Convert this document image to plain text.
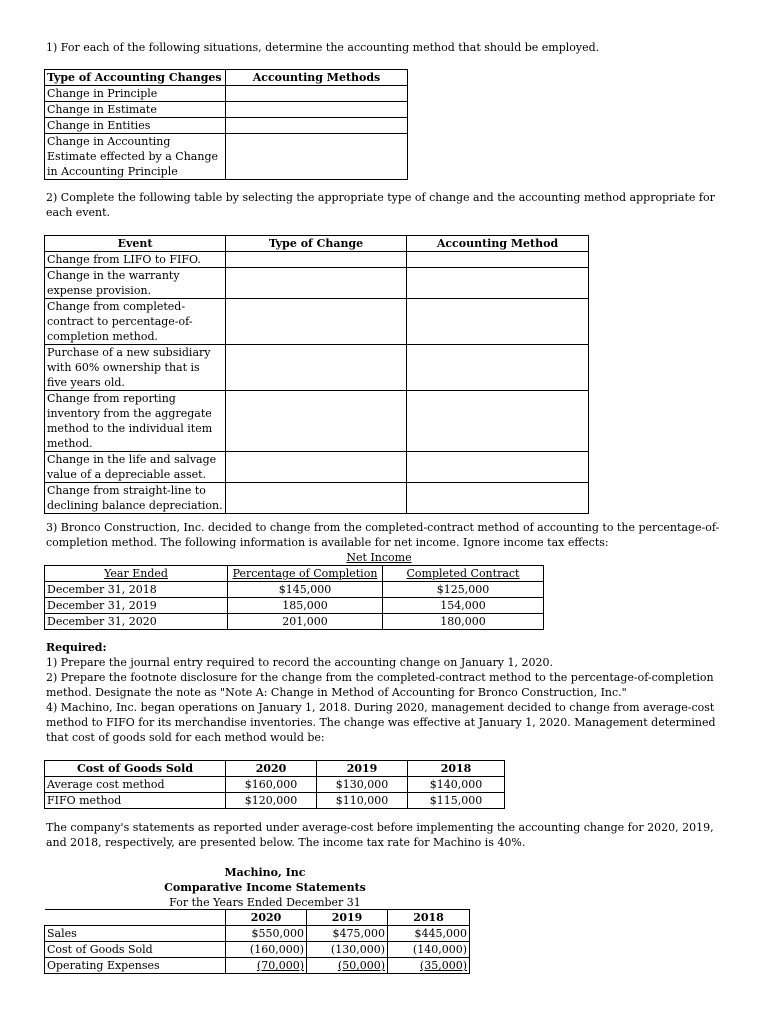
1) For each of the following situations, determine the accounting method that should be employed.

Type of Accounting Changes	Accounting Methods
Change in Principle	
Change in Estimate	
Change in Entities	
Change in Accounting Estimate effected by a Change in Accounting Principle	

2) Complete the following table by selecting the appropriate type of change and the accounting method appropriate for each event.

Event	Type of Change	Accounting Method
Change from LIFO to FIFO.		
Change in the warranty expense provision.		
Change from completed-contract to percentage-of-completion method.		
Purchase of a new subsidiary with 60% ownership that is five years old.		
Change from reporting inventory from the aggregate method to the individual item method.		
Change in the life and salvage value of a depreciable asset.		
Change from straight-line to declining balance depreciation.		

3) Bronco Construction, Inc. decided to change from the completed-contract method of accounting to the percentage-of-completion method. The following information is available for net income. Ignore income tax effects:

Net Income

Year Ended	Percentage of Completion	Completed Contract
December 31, 2018	$145,000	$125,000
December 31, 2019	185,000	154,000
December 31, 2020	201,000	180,000

Required:

1) Prepare the journal entry required to record the accounting change on January 1, 2020.

2) Prepare the footnote disclosure for the change from the completed-contract method to the percentage-of-completion method. Designate the note as "Note A: Change in Method of Accounting for Bronco Construction, Inc."

4) Machino, Inc. began operations on January 1, 2018. During 2020, management decided to change from average-cost method to FIFO for its merchandise inventories. The change was effective at January 1, 2020. Management determined that cost of goods sold for each method would be:

Cost of Goods Sold	2020	2019	2018
Average cost method	$160,000	$130,000	$140,000
FIFO method	$120,000	$110,000	$115,000

The company's statements as reported under average-cost before implementing the accounting change for 2020, 2019, and 2018, respectively, are presented below. The income tax rate for Machino is 40%.

Machino, Inc

Comparative Income Statements

For the Years Ended December 31

	2020	2019	2018
Sales	$550,000	$475,000	$445,000
Cost of Goods Sold	(160,000)	(130,000)	(140,000)
Operating Expenses	(70,000)	(50,000)	(35,000)
